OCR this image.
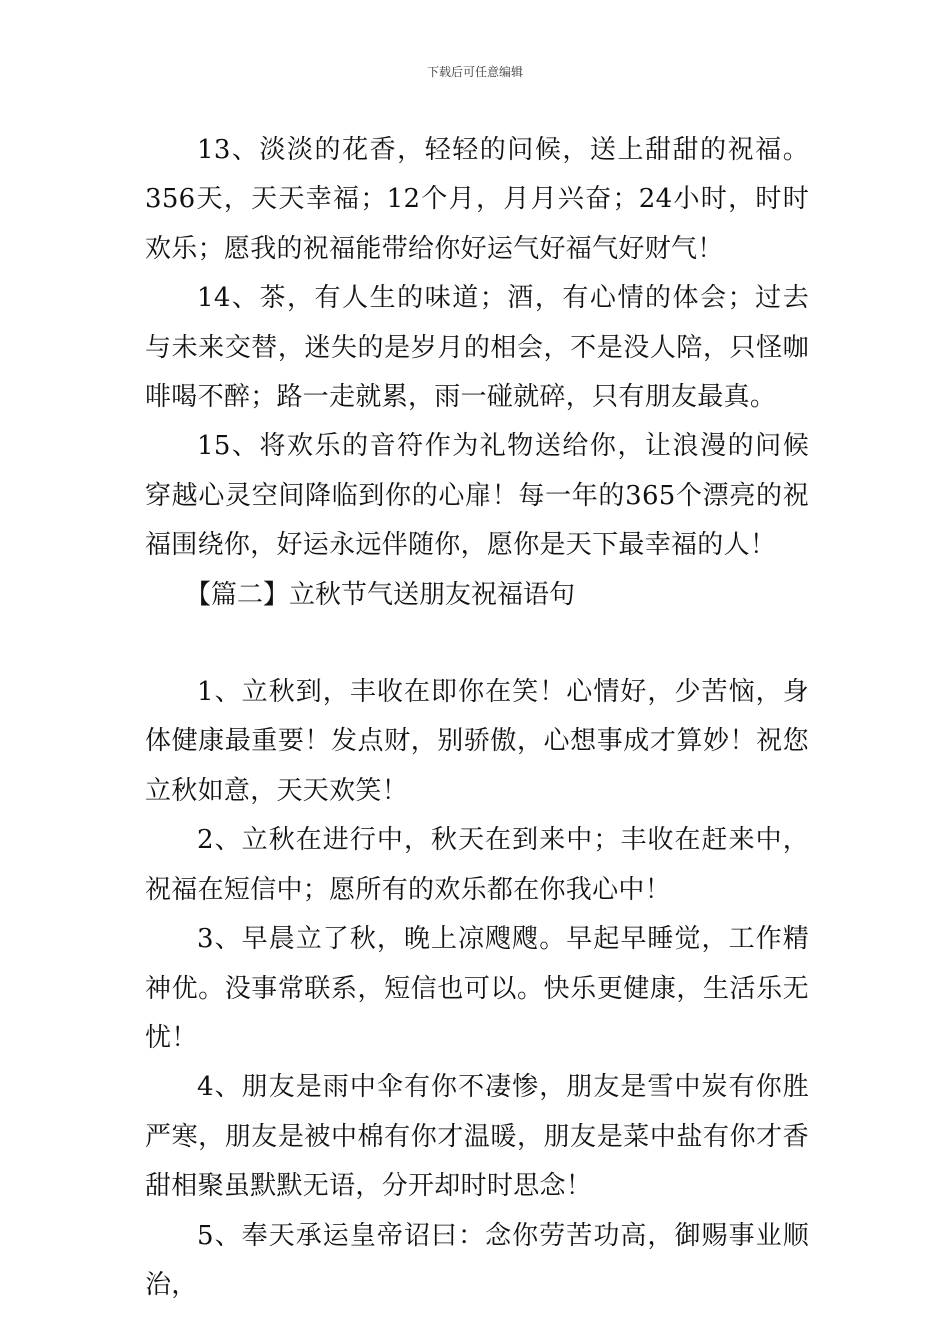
下载后可任意编辑

13、淡淡的花香，轻轻的问候，送上甜甜的祝福。356天，天天幸福；12个月，月月兴奋；24小时，时时欢乐；愿我的祝福能带给你好运气好福气好财气！

14、茶，有人生的味道；酒，有心情的体会；过去与未来交替，迷失的是岁月的相会，不是没人陪，只怪咖啡喝不醉；路一走就累，雨一碰就碎，只有朋友最真。

15、将欢乐的音符作为礼物送给你，让浪漫的问候穿越心灵空间降临到你的心扉！每一年的365个漂亮的祝福围绕你，好运永远伴随你，愿你是天下最幸福的人！

【篇二】立秋节气送朋友祝福语句

1、立秋到，丰收在即你在笑！心情好，少苦恼，身体健康最重要！发点财，别骄傲，心想事成才算妙！祝您立秋如意，天天欢笑！

2、立秋在进行中，秋天在到来中；丰收在赶来中，祝福在短信中；愿所有的欢乐都在你我心中！

3、早晨立了秋，晚上凉飕飕。早起早睡觉，工作精神优。没事常联系，短信也可以。快乐更健康，生活乐无忧！

4、朋友是雨中伞有你不凄惨，朋友是雪中炭有你胜严寒，朋友是被中棉有你才温暖，朋友是菜中盐有你才香甜相聚虽默默无语，分开却时时思念！

5、奉天承运皇帝诏曰：念你劳苦功高，御赐事业顺治，
